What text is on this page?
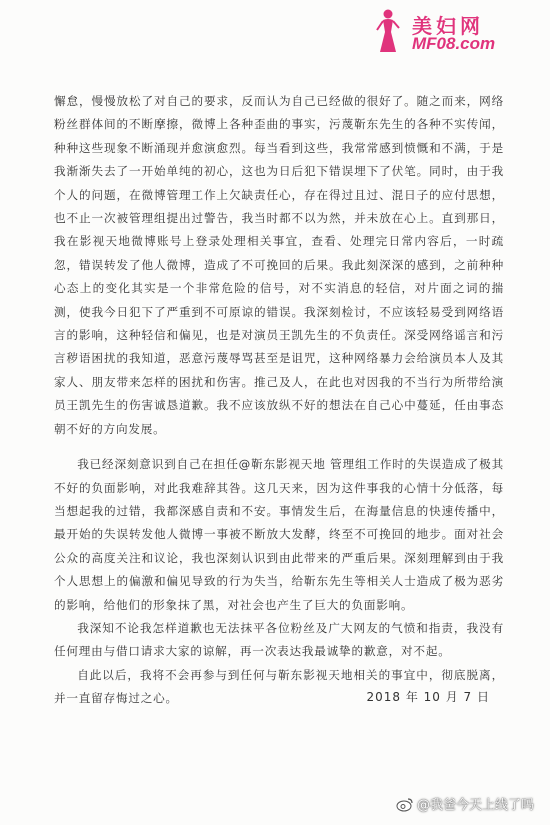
美妇网
MF08.com

懈怠，慢慢放松了对自己的要求，反而认为自己已经做的很好了。随之而来，网络粉丝群体间的不断摩擦，微博上各种歪曲的事实，污蔑靳东先生的各种不实传闻，种种这些现象不断涌现并愈演愈烈。每当看到这些，我常常感到愤慨和不满，于是我渐渐失去了一开始单纯的初心，这也为日后犯下错误埋下了伏笔。同时，由于我个人的问题，在微博管理工作上欠缺责任心，存在得过且过、混日子的应付思想，也不止一次被管理组提出过警告，我当时都不以为然，并未放在心上。直到那日，我在影视天地微博账号上登录处理相关事宜，查看、处理完日常内容后，一时疏忽，错误转发了他人微博，造成了不可挽回的后果。我此刻深深的感到，之前种种心态上的变化其实是一个非常危险的信号，对不实消息的轻信，对片面之词的揣测，使我今日犯下了严重到不可原谅的错误。我深刻检讨，不应该轻易受到网络语言的影响，这种轻信和偏见，也是对演员王凯先生的不负责任。深受网络谣言和污言秽语困扰的我知道，恶意污蔑辱骂甚至是诅咒，这种网络暴力会给演员本人及其家人、朋友带来怎样的困扰和伤害。推己及人，在此也对因我的不当行为所带给演员王凯先生的伤害诚恳道歉。我不应该放纵不好的想法在自己心中蔓延，任由事态朝不好的方向发展。

我已经深刻意识到自己在担任@靳东影视天地 管理组工作时的失误造成了极其不好的负面影响，对此我难辞其咎。这几天来，因为这件事我的心情十分低落，每当想起我的过错，我都深感自责和不安。事情发生后，在海量信息的快速传播中，最开始的失误转发他人微博一事被不断放大发酵，终至不可挽回的地步。面对社会公众的高度关注和议论，我也深刻认识到由此带来的严重后果。深刻理解到由于我个人思想上的偏激和偏见导致的行为失当，给靳东先生等相关人士造成了极为恶劣的影响，给他们的形象抹了黑，对社会也产生了巨大的负面影响。

我深知不论我怎样道歉也无法抹平各位粉丝及广大网友的气愤和指责，我没有任何理由与借口请求大家的谅解，再一次表达我最诚挚的歉意，对不起。

自此以后，我将不会再参与到任何与靳东影视天地相关的事宜中，彻底脱离，并一直留存悔过之心。	2018 年 10 月 7 日
@我爸今天上线了吗
